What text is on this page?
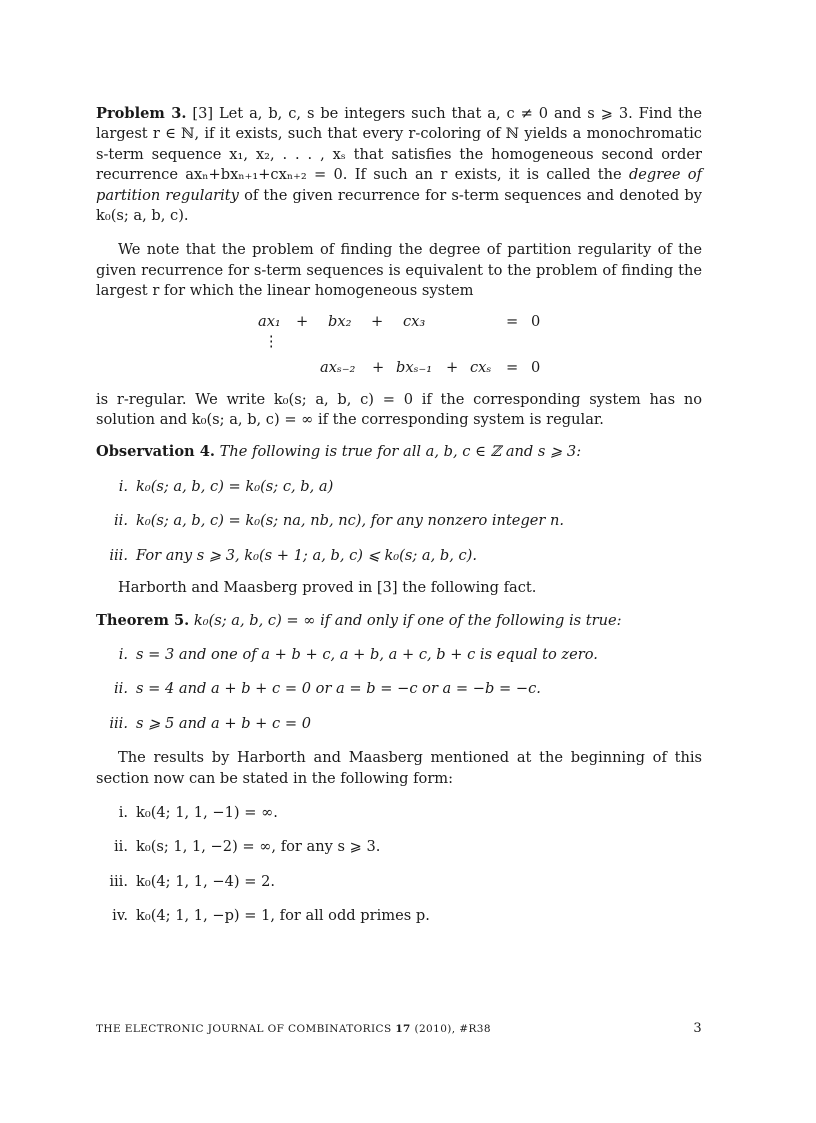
Problem 3. [3] Let a, b, c, s be integers such that a, c ≠ 0 and s ⩾ 3. Find the largest r ∈ ℕ, if it exists, such that every r-coloring of ℕ yields a monochromatic s-term sequence x₁, x₂, . . . , xₛ that satisfies the homogeneous second order recurrence axₙ+bxₙ₊₁+cxₙ₊₂ = 0. If such an r exists, it is called the degree of partition regularity of the given recurrence for s-term sequences and denoted by k₀(s; a, b, c).

We note that the problem of finding the degree of partition regularity of the given recurrence for s-term sequences is equivalent to the problem of finding the largest r for which the linear homogeneous system

ax₁ + bx₂ + cx₃	= 0
⋮
axₛ₋₂ + bxₛ₋₁ + cxₛ = 0

is r-regular. We write k₀(s; a, b, c) = 0 if the corresponding system has no solution and k₀(s; a, b, c) = ∞ if the corresponding system is regular.

Observation 4. The following is true for all a, b, c ∈ ℤ and s ⩾ 3:

i. k₀(s; a, b, c) = k₀(s; c, b, a)
ii. k₀(s; a, b, c) = k₀(s; na, nb, nc), for any nonzero integer n.
iii. For any s ⩾ 3, k₀(s + 1; a, b, c) ⩽ k₀(s; a, b, c).

Harborth and Maasberg proved in [3] the following fact.

Theorem 5. k₀(s; a, b, c) = ∞ if and only if one of the following is true:

i. s = 3 and one of a + b + c, a + b, a + c, b + c is equal to zero.
ii. s = 4 and a + b + c = 0 or a = b = −c or a = −b = −c.
iii. s ⩾ 5 and a + b + c = 0

The results by Harborth and Maasberg mentioned at the beginning of this section now can be stated in the following form:

i. k₀(4; 1, 1, −1) = ∞.
ii. k₀(s; 1, 1, −2) = ∞, for any s ⩾ 3.
iii. k₀(4; 1, 1, −4) = 2.
iv. k₀(4; 1, 1, −p) = 1, for all odd primes p.
THE ELECTRONIC JOURNAL OF COMBINATORICS 17 (2010), #R38	3
